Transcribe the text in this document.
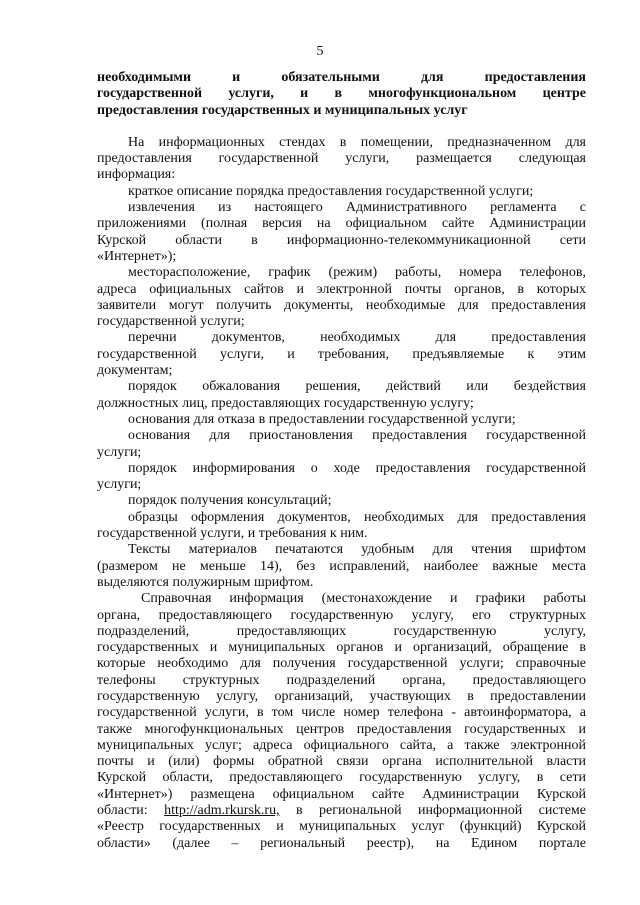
5
необходимыми и обязательными для предоставления
государственной услуги, и в многофункциональном центре
предоставления государственных и муниципальных услуг
На информационных стендах в помещении, предназначенном для
предоставления государственной услуги, размещается следующая
информация:
краткое описание порядка предоставления государственной услуги;
извлечения из настоящего Административного регламента с
приложениями (полная версия на официальном сайте Администрации
Курской области в информационно-телекоммуникационной сети
«Интернет»);
месторасположение, график (режим) работы, номера телефонов,
адреса официальных сайтов и электронной почты органов, в которых
заявители могут получить документы, необходимые для предоставления
государственной услуги;
перечни документов, необходимых для предоставления
государственной услуги, и требования, предъявляемые к этим
документам;
порядок обжалования решения, действий или бездействия
должностных лиц, предоставляющих государственную услугу;
основания для отказа в предоставлении государственной услуги;
основания для приостановления предоставления государственной
услуги;
порядок информирования о ходе предоставления государственной
услуги;
порядок получения консультаций;
образцы оформления документов, необходимых для предоставления
государственной услуги, и требования к ним.
Тексты материалов печатаются удобным для чтения шрифтом
(размером не меньше 14), без исправлений, наиболее важные места
выделяются полужирным шрифтом.
Справочная информация (местонахождение и графики работы
органа, предоставляющего государственную услугу, его структурных
подразделений, предоставляющих государственную услугу,
государственных и муниципальных органов и организаций, обращение в
которые необходимо для получения государственной услуги; справочные
телефоны структурных подразделений органа, предоставляющего
государственную услугу, организаций, участвующих в предоставлении
государственной услуги, в том числе номер телефона - автоинформатора, а
также многофункциональных центров предоставления государственных и
муниципальных услуг; адреса официального сайта, а также электронной
почты и (или) формы обратной связи органа исполнительной власти
Курской области, предоставляющего государственную услугу, в сети
«Интернет») размещена официальном сайте Администрации Курской
области: http://adm.rkursk.ru, в региональной информационной системе
«Реестр государственных и муниципальных услуг (функций) Курской
области» (далее – региональный реестр), на Едином портале
